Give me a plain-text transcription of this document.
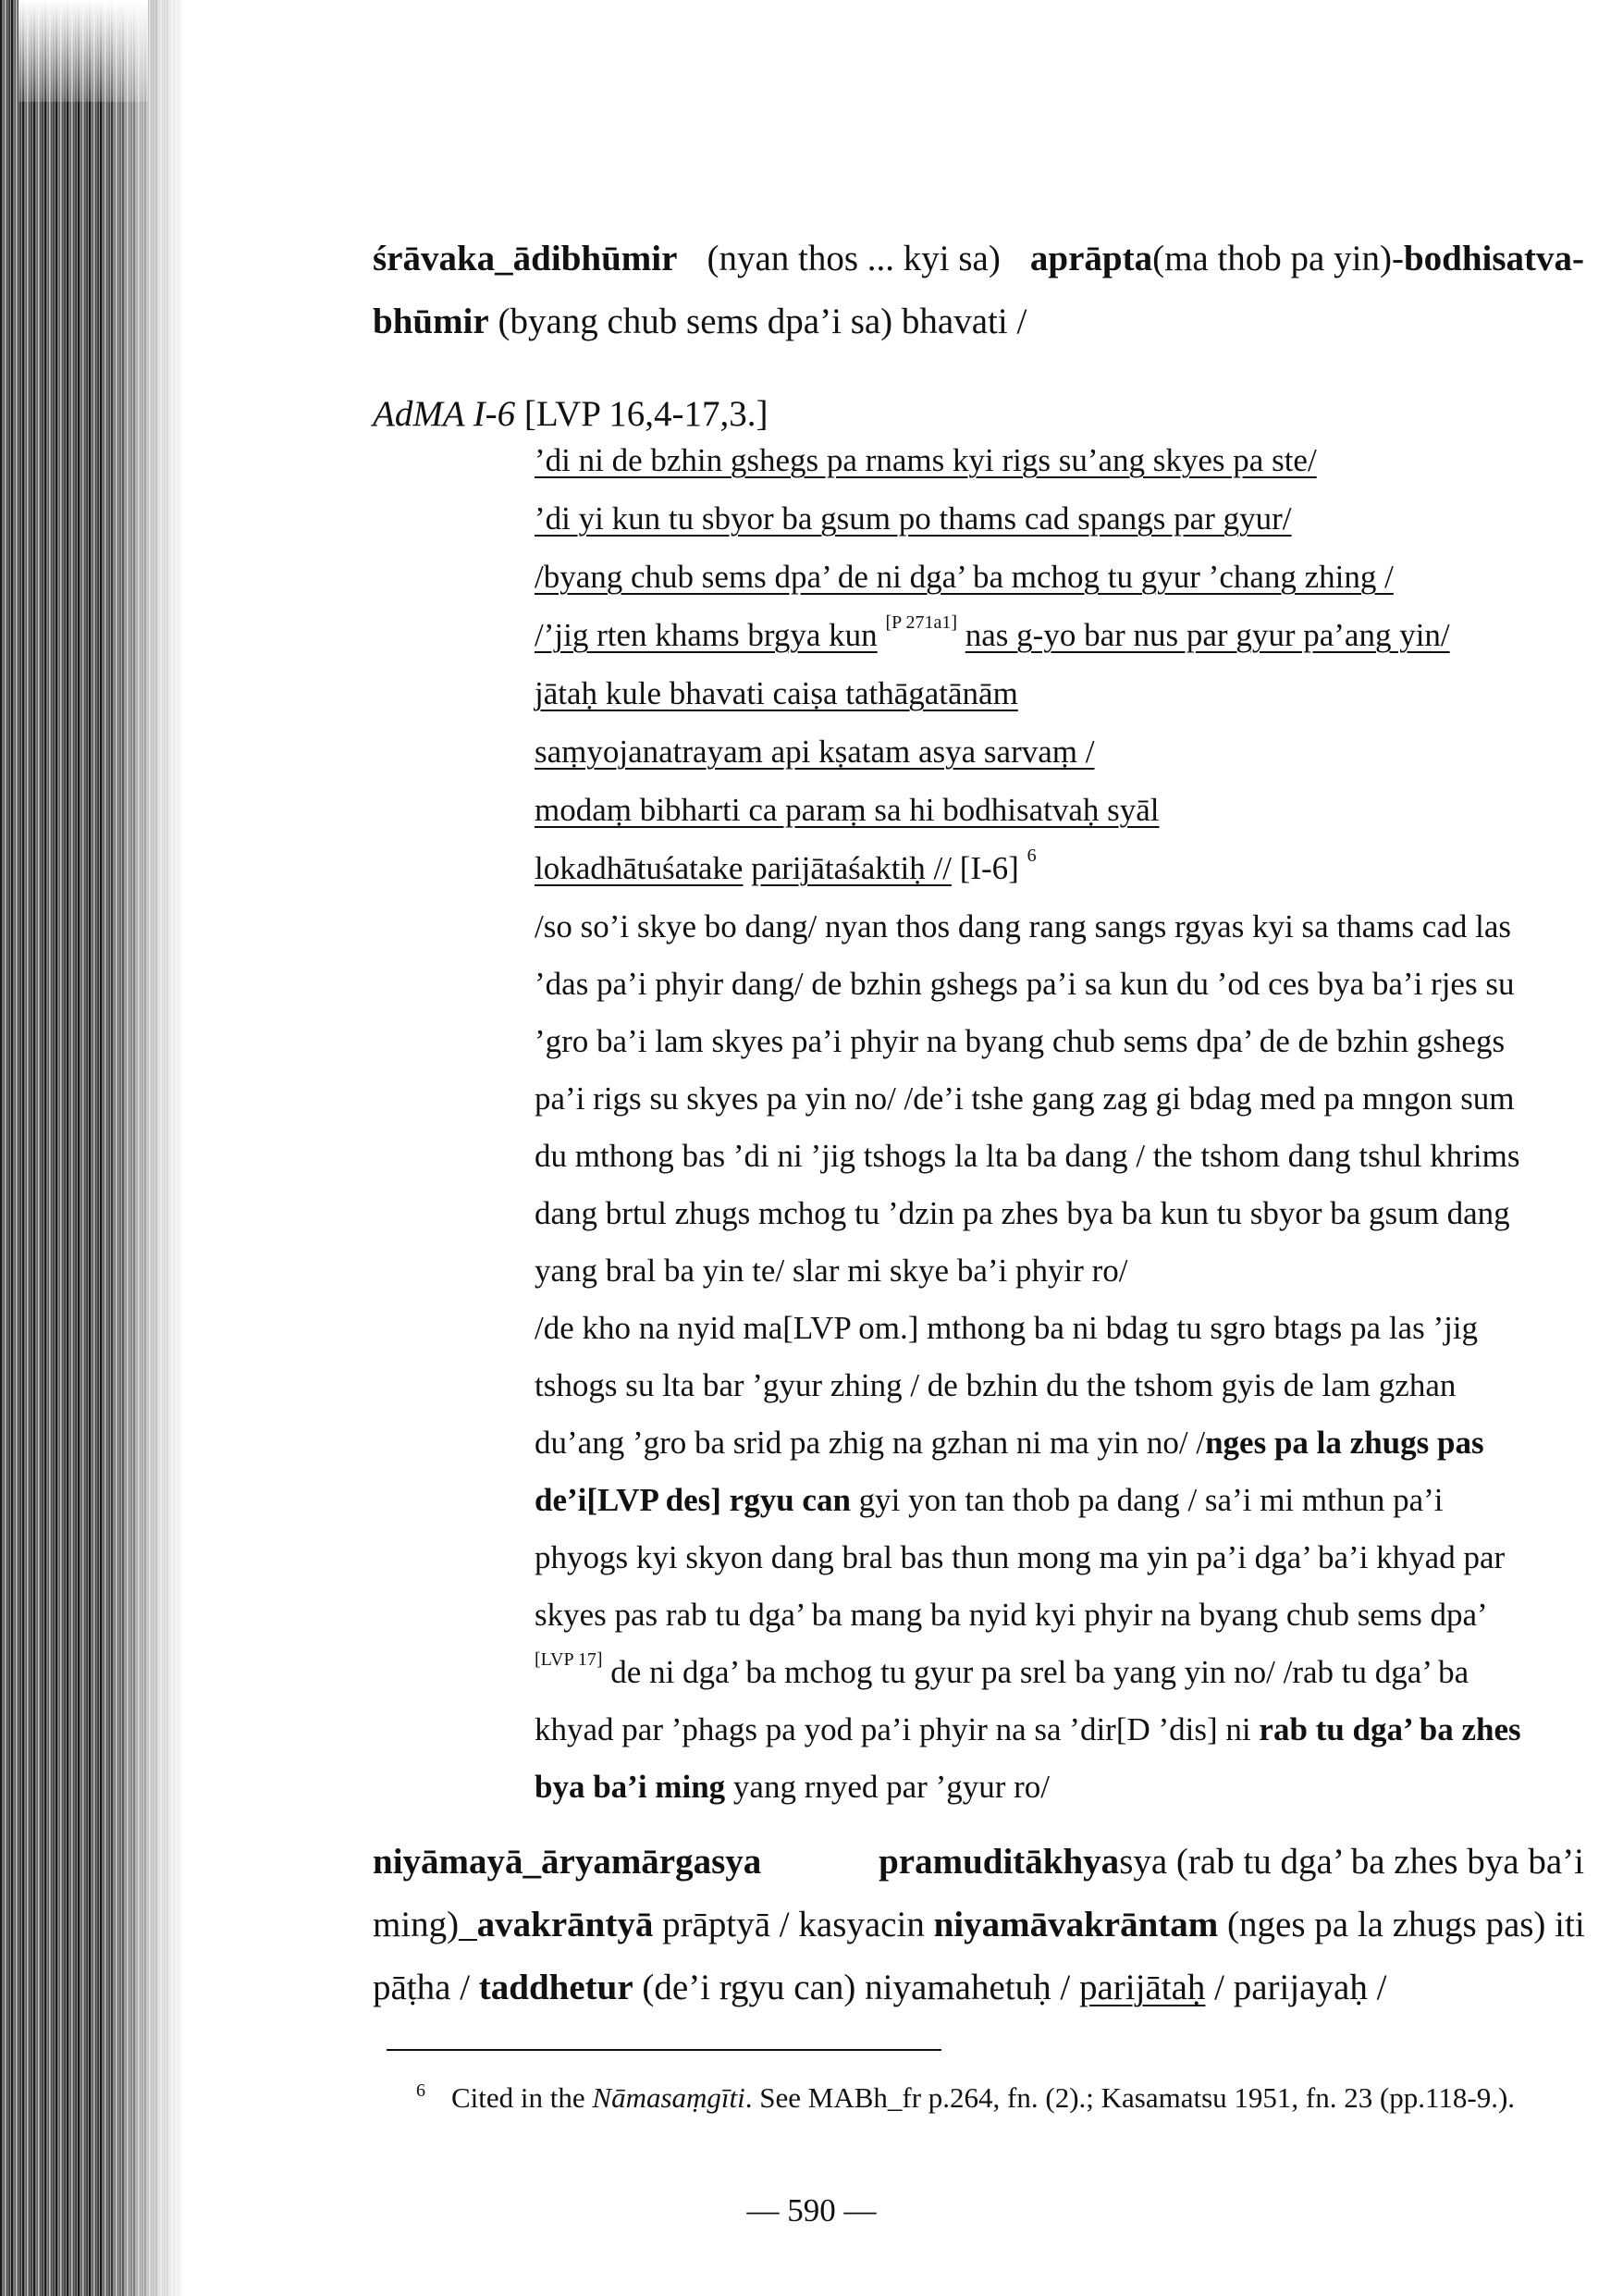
śrāvaka_ādibhūmir (nyan thos ... kyi sa) aprāpta(ma thob pa yin)-bodhisatva-
bhūmir (byang chub sems dpa’i sa) bhavati /
AdMA I-6 [LVP 16,4-17,3.]
’di ni de bzhin gshegs pa rnams kyi rigs su’ang skyes pa ste/
’di yi kun tu sbyor ba gsum po thams cad spangs par gyur/
/byang chub sems dpa’ de ni dga’ ba mchog tu gyur ’chang zhing /
/’jig rten khams brgya kun [P 271a1] nas g-yo bar nus par gyur pa’ang yin/
jātaḥ kule bhavati caiṣa tathāgatānām
saṃyojanatrayam api kṣatam asya sarvaṃ /
modaṃ bibharti ca paraṃ sa hi bodhisatvaḥ syāl
lokadhātuśatake parijātaśaktiḥ // [I-6] $^6$
/so so’i skye bo dang/ nyan thos dang rang sangs rgyas kyi sa thams cad las
’das pa’i phyir dang/ de bzhin gshegs pa’i sa kun du ’od ces bya ba’i rjes su
’gro ba’i lam skyes pa’i phyir na byang chub sems dpa’ de de bzhin gshegs
pa’i rigs su skyes pa yin no/ /de’i tshe gang zag gi bdag med pa mngon sum
du mthong bas ’di ni ’jig tshogs la lta ba dang / the tshom dang tshul khrims
dang brtul zhugs mchog tu ’dzin pa zhes bya ba kun tu sbyor ba gsum dang
yang bral ba yin te/ slar mi skye ba’i phyir ro/
/de kho na nyid ma[LVP om.] mthong ba ni bdag tu sgro btags pa las ’jig
tshogs su lta bar ’gyur zhing / de bzhin du the tshom gyis de lam gzhan
du’ang ’gro ba srid pa zhig na gzhan ni ma yin no/ /nges pa la zhugs pas
de’i[LVP des] rgyu can gyi yon tan thob pa dang / sa’i mi mthun pa’i
phyogs kyi skyon dang bral bas thun mong ma yin pa’i dga’ ba’i khyad par
skyes pas rab tu dga’ ba mang ba nyid kyi phyir na byang chub sems dpa’
[LVP 17] de ni dga’ ba mchog tu gyur pa srel ba yang yin no/ /rab tu dga’ ba
khyad par ’phags pa yod pa’i phyir na sa ’dir[D ’dis] ni rab tu dga’ ba zhes
bya ba’i ming yang rnyed par ’gyur ro/
niyāmayā_āryamārgasya	pramuditākhyasya (rab tu dga’ ba zhes bya ba’i
ming)_avakrāntyā prāptyā / kasyacin niyamāvakrāntam (nges pa la zhugs pas) iti
pāṭha / taddhetur (de’i rgyu can) niyamahetuḥ / parijātaḥ / parijayaḥ /
$^6$ Cited in the Nāmasaṃgīti. See MABh_fr p.264, fn. (2).; Kasamatsu 1951, fn. 23 (pp.118-9.).
— 590 —
